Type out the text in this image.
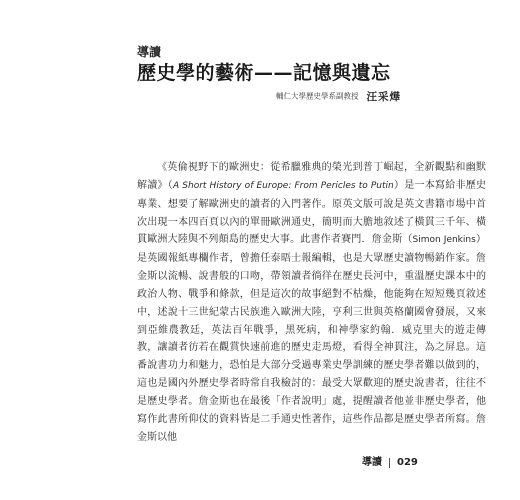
導讀
歷史學的藝術——記憶與遺忘
輔仁大學歷史學系副教授 汪采燁

《英倫視野下的歐洲史：從希臘雅典的榮光到普丁崛起，全新觀點和幽默解讀》（A Short History of Europe: From Pericles to Putin）是一本寫給非歷史專業、想要了解歐洲史的讀者的入門著作。原英文版可說是英文書籍市場中首次出現一本四百頁以內的單冊歐洲通史，簡明而大膽地敘述了橫貫三千年、橫貫歐洲大陸與不列顛島的歷史大事。此書作者賽門．詹金斯（Simon Jenkins）是英國報紙專欄作者，曾擔任泰晤士報編輯，也是大眾歷史讀物暢銷作家。詹金斯以流暢、說書般的口吻，帶領讀者徜徉在歷史長河中，重溫歷史課本中的政治人物、戰爭和條款，但是這次的故事絕對不枯燥，他能夠在短短幾頁敘述中，述說十三世紀蒙古民族進入歐洲大陸，亨利三世與英格蘭國會發展，又來到亞維農教廷，英法百年戰爭，黑死病，和神學家約翰．威克里夫的遊走傳教，讓讀者彷若在觀賞快速前進的歷史走馬燈，看得全神貫注，為之屏息。這番說書功力和魅力，恐怕是大部分受過專業史學訓練的歷史學者難以做到的，這也是國內外歷史學者時常自我檢討的：最受大眾歡迎的歷史說書者，往往不是歷史學者。詹金斯也在最後「作者說明」處，提醒讀者他並非歷史學者，他寫作此書所仰仗的資料皆是二手通史性著作，這些作品都是歷史學者所寫。詹金斯以他

導讀 029
